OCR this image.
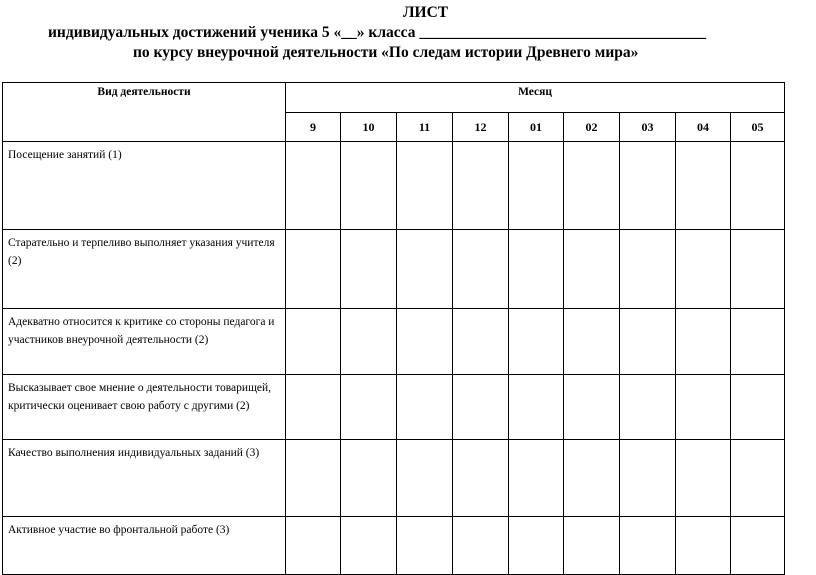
ЛИСТ
индивидуальных достижений ученика 5 «__» класса _____________________________________
по курсу внеурочной деятельности «По следам истории Древнего мира»
Вид деятельности	Месяц								
	9	10	11	12	01	02	03	04	05
Посещение занятий (1)									
Старательно и терпеливо выполняет указания учителя (2)									
Адекватно относится к критике со стороны педагога и участников внеурочной деятельности (2)									
Высказывает свое мнение о деятельности товарищей, критически оценивает свою работу с другими (2)									
Качество выполнения индивидуальных заданий (3)									
Активное участие во фронтальной работе (3)									
